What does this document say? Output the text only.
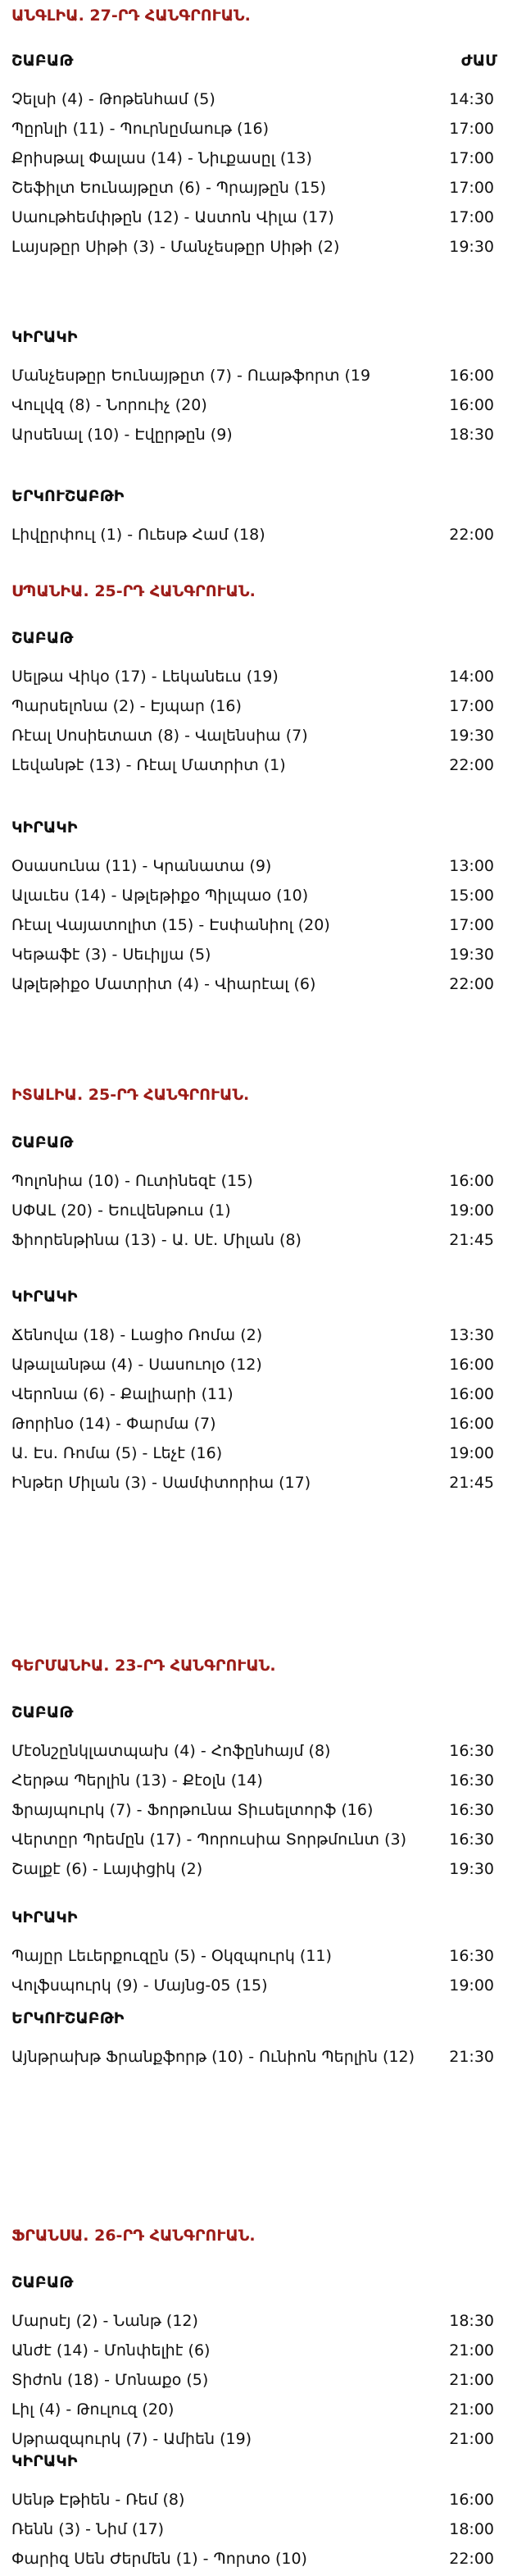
ԱՆԳԼԻԱ. 27-ՐԴ ՀԱՆԳՐՈՒԱՆ.
ՇԱԲԱԹ	ԺԱՄ
Չելսի (4) - Թոթենհամ (5)	14:30
Պըրնլի (11) - Պուրնըմաութ (16)	17:00
Քրիսթալ Փալաս (14) - Նիւքասըլ (13)	17:00
Շեֆիլտ Եունայթըտ (6) - Պրայթըն (15)	17:00
Սաութհեմփթըն (12) - Աստոն Վիլա (17)	17:00
Լայսթըր Սիթի (3) - Մանչեսթըր Սիթի (2)	19:30
ԿԻՐԱԿԻ
Մանչեսթըր Եունայթըտ (7) - Ուաթֆորտ (19	16:00
Վուլվզ (8) - Նորուիչ (20)	16:00
Արսենալ (10) - Էվըրթըն (9)	18:30
ԵՐԿՈՒՇԱԲԹԻ
Լիվըրփուլ (1) - Ուեսթ Համ (18)	22:00
ՍՊԱՆԻԱ. 25-ՐԴ ՀԱՆԳՐՈՒԱՆ.
ՇԱԲԱԹ
Սելթա Վիկօ (17) - Լեկանեւս (19)	14:00
Պարսելոնա (2) - Էյպար (16)	17:00
Ռէալ Սոսիետատ (8) - Վալենսիա (7)	19:30
Լեվանթէ (13) - Ռէալ Մատրիտ (1)	22:00
ԿԻՐԱԿԻ
Օսասունա (11) - Կրանատա (9)	13:00
Ալաւես (14) - Աթլեթիքօ Պիլպաօ (10)	15:00
Ռէալ Վայատոլիտ (15) - Էսփանիոլ (20)	17:00
Կեթաֆէ (3) - Սեւիլյա (5)	19:30
Աթլեթիքօ Մատրիտ (4) - Վիարէալ (6)	22:00
ԻՏԱԼԻԱ. 25-ՐԴ ՀԱՆԳՐՈՒԱՆ.
ՇԱԲԱԹ
Պոլոնիա (10) - Ուտինեզէ (15)	16:00
ՍՓԱԼ (20) - Եուվենթուս (1)	19:00
Ֆիորենթինա (13) - Ա. Սէ. Միլան (8)	21:45
ԿԻՐԱԿԻ
Ճենովա (18) - Լացիօ Ռոմա (2)	13:30
Աթալանթա (4) - Սասուոլօ (12)	16:00
Վերոնա (6) - Քալիարի (11)	16:00
Թորինօ (14) - Փարմա (7)	16:00
Ա. Էս. Ռոմա (5) - Լեչէ (16)	19:00
Ինթեր Միլան (3) - Սամփտորիա (17)	21:45
ԳԵՐՄԱՆԻԱ. 23-ՐԴ ՀԱՆԳՐՈՒԱՆ.
ՇԱԲԱԹ
Մէօնշընկլատպախ (4) - Հոֆընհայմ (8)	16:30
Հերթա Պերլին (13) - Քէօլն (14)	16:30
Ֆրայպուրկ (7) - Ֆորթունա Տիւսելտորֆ (16)	16:30
Վերտըր Պրեմըն (17) - Պորուսիա Տորթմունտ (3)	16:30
Շալքէ (6) - Լայփցիկ (2)	19:30
ԿԻՐԱԿԻ
Պայըր Լեւերքուզըն (5) - Օկզպուրկ (11)	16:30
Վոլֆսպուրկ (9) - Մայնց-05 (15)	19:00
ԵՐԿՈՒՇԱԲԹԻ
Այնթրախթ Ֆրանքֆորթ (10) - Ունիոն Պերլին (12) 21:30
ՖՐԱՆՍԱ. 26-ՐԴ ՀԱՆԳՐՈՒԱՆ.
ՇԱԲԱԹ
Մարսէյ (2) - Նանթ (12)	18:30
Անժէ (14) - Մոնփելիէ (6)	21:00
Տիժոն (18) - Մոնաքօ (5)	21:00
Լիլ (4) - Թուլուզ (20)	21:00
Սթրազպուրկ (7) - Ամիեն (19)	21:00
ԿԻՐԱԿԻ
Սենթ Էթիեն - Ռեմ (8)	16:00
Ռենն (3) - Նիմ (17)	18:00
Փարիզ Սեն Ժերմեն (1) - Պորտօ (10)	22:00
